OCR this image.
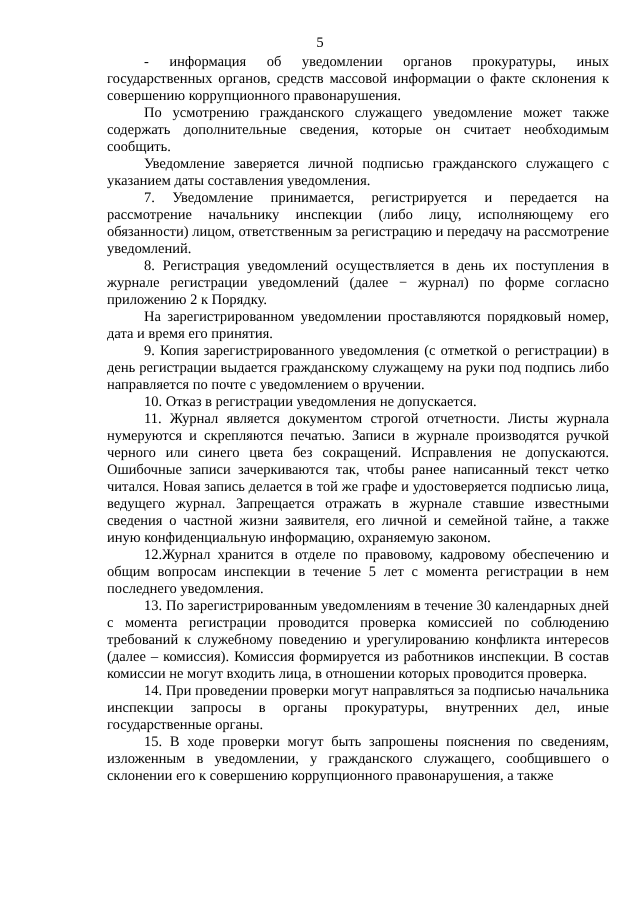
5

- информация об уведомлении органов прокуратуры, иных государственных органов, средств массовой информации о факте склонения к совершению коррупционного правонарушения.

По усмотрению гражданского служащего уведомление может также содержать дополнительные сведения, которые он считает необходимым сообщить.

Уведомление заверяется личной подписью гражданского служащего с указанием даты составления уведомления.

7. Уведомление принимается, регистрируется и передается на рассмотрение начальнику инспекции (либо лицу, исполняющему его обязанности) лицом, ответственным за регистрацию и передачу на рассмотрение уведомлений.

8. Регистрация уведомлений осуществляется в день их поступления в журнале регистрации уведомлений (далее − журнал) по форме согласно приложению 2 к Порядку.

На зарегистрированном уведомлении проставляются порядковый номер, дата и время его принятия.

9. Копия зарегистрированного уведомления (с отметкой о регистрации) в день регистрации выдается гражданскому служащему на руки под подпись либо направляется по почте с уведомлением о вручении.

10. Отказ в регистрации уведомления не допускается.

11. Журнал является документом строгой отчетности. Листы журнала нумеруются и скрепляются печатью. Записи в журнале производятся ручкой черного или синего цвета без сокращений. Исправления не допускаются. Ошибочные записи зачеркиваются так, чтобы ранее написанный текст четко читался. Новая запись делается в той же графе и удостоверяется подписью лица, ведущего журнал. Запрещается отражать в журнале ставшие известными сведения о частной жизни заявителя, его личной и семейной тайне, а также иную конфиденциальную информацию, охраняемую законом.

12.Журнал хранится в отделе по правовому, кадровому обеспечению и общим вопросам инспекции в течение 5 лет с момента регистрации в нем последнего уведомления.

13. По зарегистрированным уведомлениям в течение 30 календарных дней с момента регистрации проводится проверка комиссией по соблюдению требований к служебному поведению и урегулированию конфликта интересов (далее – комиссия). Комиссия формируется из работников инспекции. В состав комиссии не могут входить лица, в отношении которых проводится проверка.

14. При проведении проверки могут направляться за подписью начальника инспекции запросы в органы прокуратуры, внутренних дел, иные государственные органы.

15. В ходе проверки могут быть запрошены пояснения по сведениям, изложенным в уведомлении, у гражданского служащего, сообщившего о склонении его к совершению коррупционного правонарушения, а также
